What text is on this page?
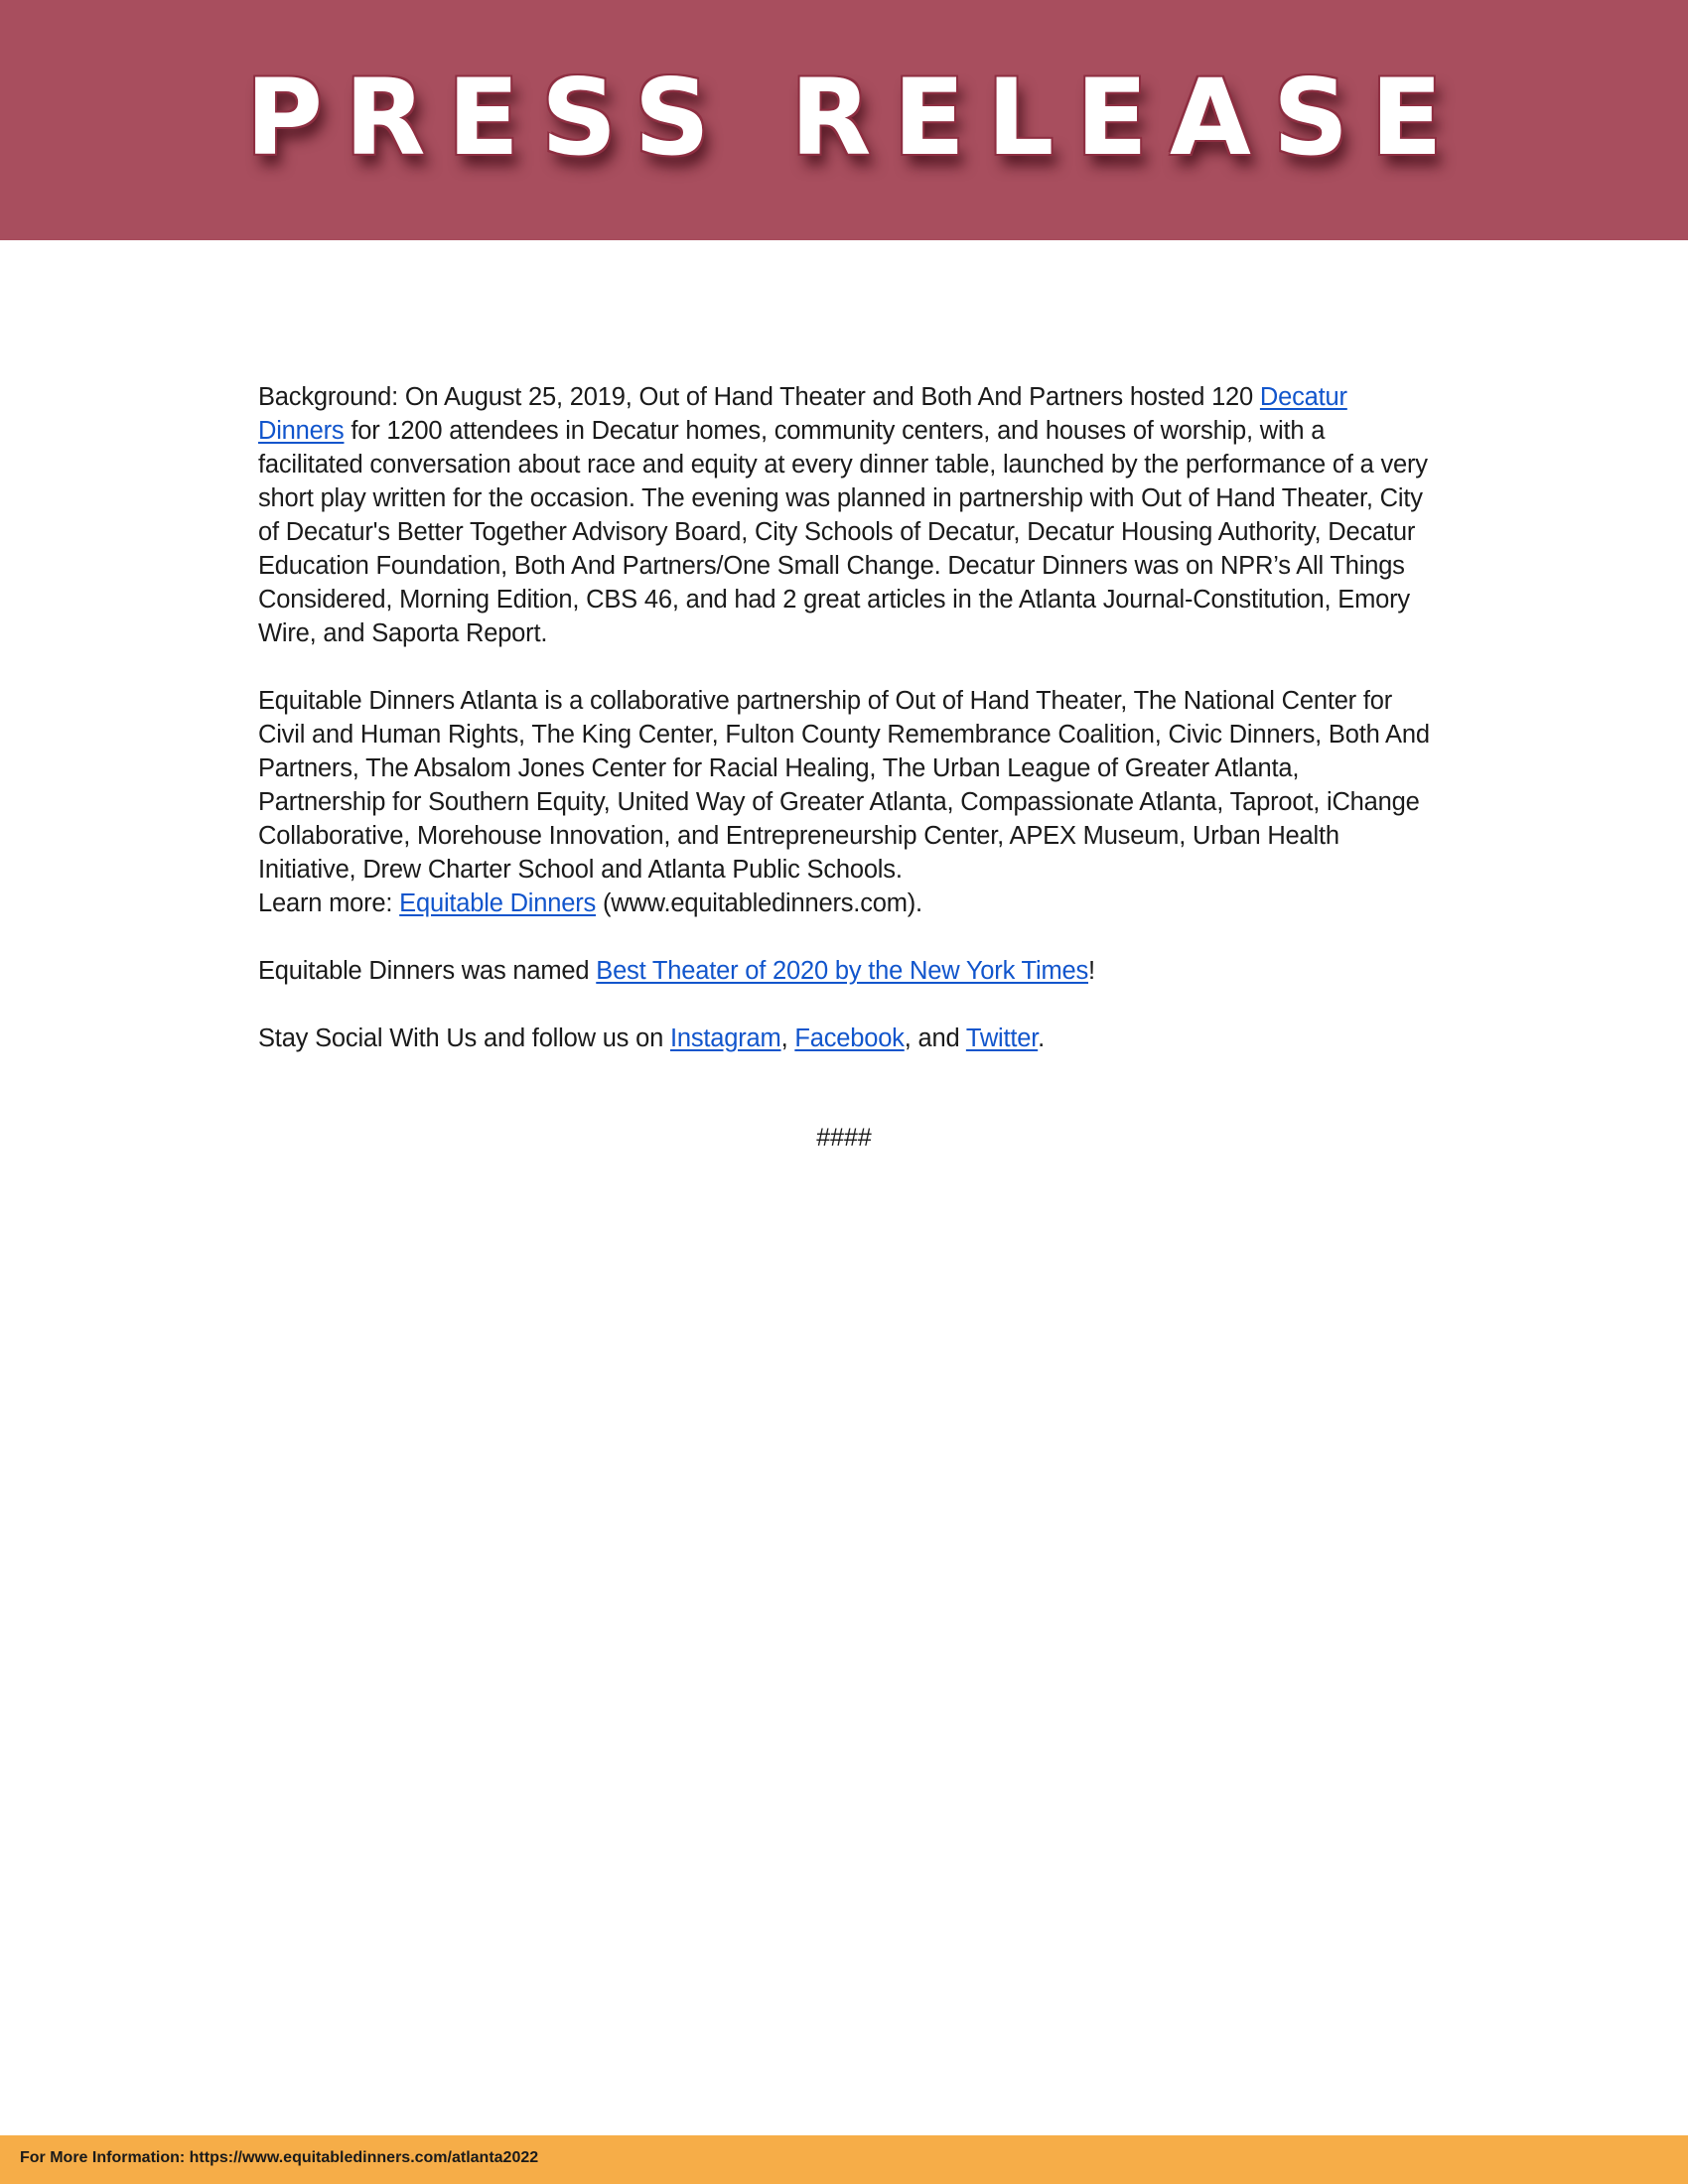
PRESS RELEASE

Background: On August 25, 2019, Out of Hand Theater and Both And Partners hosted 120 Decatur Dinners for 1200 attendees in Decatur homes, community centers, and houses of worship, with a facilitated conversation about race and equity at every dinner table, launched by the performance of a very short play written for the occasion. The evening was planned in partnership with Out of Hand Theater, City of Decatur's Better Together Advisory Board, City Schools of Decatur, Decatur Housing Authority, Decatur Education Foundation, Both And Partners/One Small Change. Decatur Dinners was on NPR’s All Things Considered, Morning Edition, CBS 46, and had 2 great articles in the Atlanta Journal-Constitution, Emory Wire, and Saporta Report.

Equitable Dinners Atlanta is a collaborative partnership of Out of Hand Theater, The National Center for Civil and Human Rights, The King Center, Fulton County Remembrance Coalition, Civic Dinners, Both And Partners, The Absalom Jones Center for Racial Healing, The Urban League of Greater Atlanta, Partnership for Southern Equity, United Way of Greater Atlanta, Compassionate Atlanta, Taproot, iChange Collaborative, Morehouse Innovation, and Entrepreneurship Center, APEX Museum, Urban Health Initiative, Drew Charter School and Atlanta Public Schools.

Learn more: Equitable Dinners (www.equitabledinners.com).

Equitable Dinners was named Best Theater of 2020 by the New York Times!

Stay Social With Us and follow us on Instagram, Facebook, and Twitter.

####
For More Information: https://www.equitabledinners.com/atlanta2022
